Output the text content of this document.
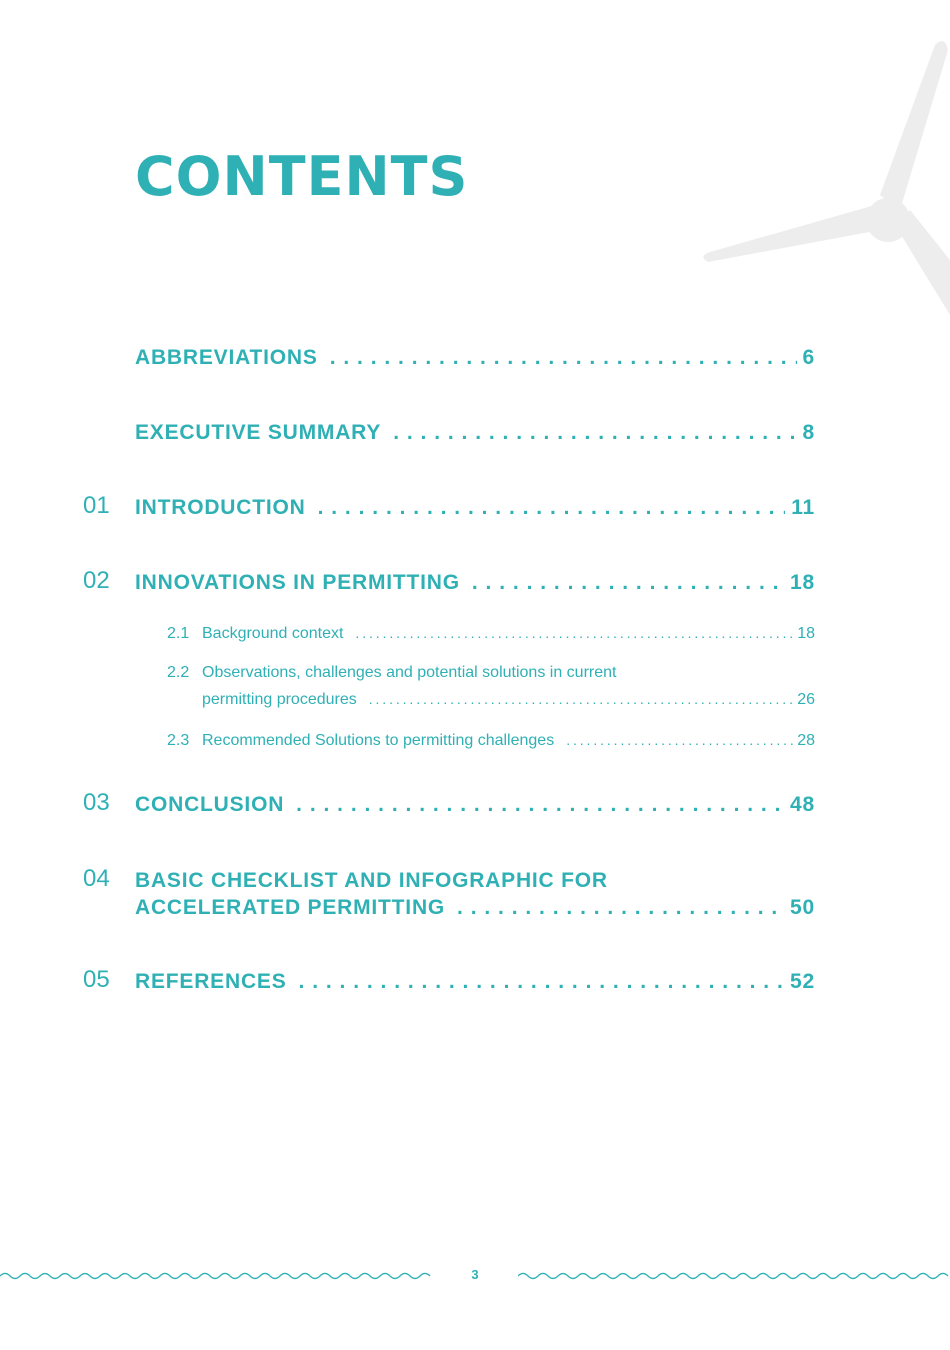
CONTENTS
ABBREVIATIONS . . .	6
EXECUTIVE SUMMARY . . .	8
01 INTRODUCTION . . .	11
02 INNOVATIONS IN PERMITTING . . .	18
2.1 Background context . . .	18
2.2 Observations, challenges and potential solutions in current
permitting procedures . . .	26
2.3 Recommended Solutions to permitting challenges . . .	28
03 CONCLUSION . . .	48
04 BASIC CHECKLIST AND INFOGRAPHIC FOR
ACCELERATED PERMITTING . . .	50
05 REFERENCES . . .	52
3
